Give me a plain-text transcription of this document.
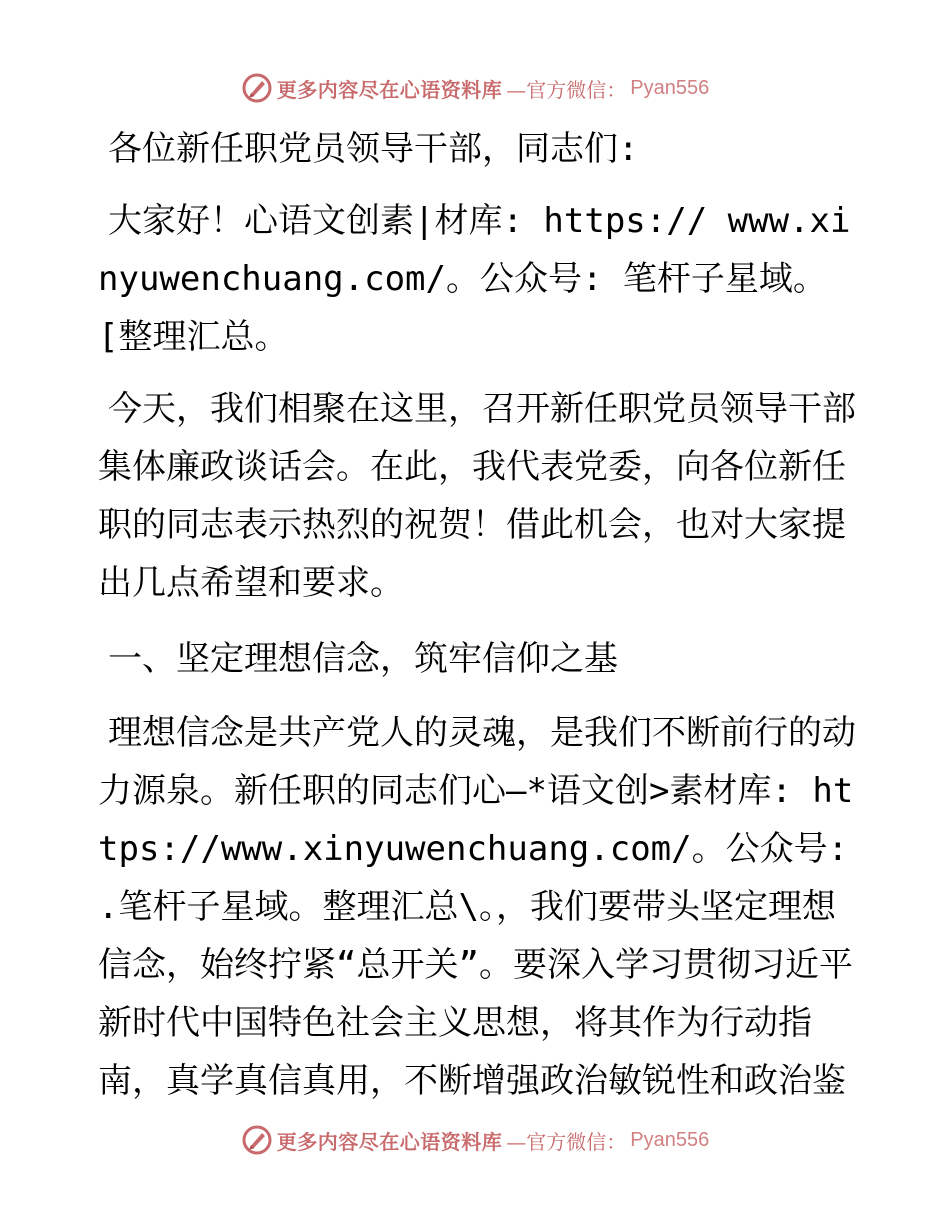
更多内容尽在心语资料库 —官方微信： Pyan556

各位新任职党员领导干部，同志们:

大家好！心语文创素|材库: https:// www.xinyuwenchuang.com/。公众号: 笔杆子星域。[整理汇总。

今天，我们相聚在这里，召开新任职党员领导干部集体廉政谈话会。在此，我代表党委，向各位新任职的同志表示热烈的祝贺！借此机会，也对大家提出几点希望和要求。

一、坚定理想信念，筑牢信仰之基

理想信念是共产党人的灵魂，是我们不断前行的动力源泉。新任职的同志们心—*语文创>素材库: https://www.xinyuwenchuang.com/。公众号: .笔杆子星域。整理汇总\。，我们要带头坚定理想信念，始终拧紧“总开关”。要深入学习贯彻习近平新时代中国特色社会主义思想，将其作为行动指南，真学真信真用，不断增强政治敏锐性和政治鉴

更多内容尽在心语资料库 —官方微信： Pyan556
